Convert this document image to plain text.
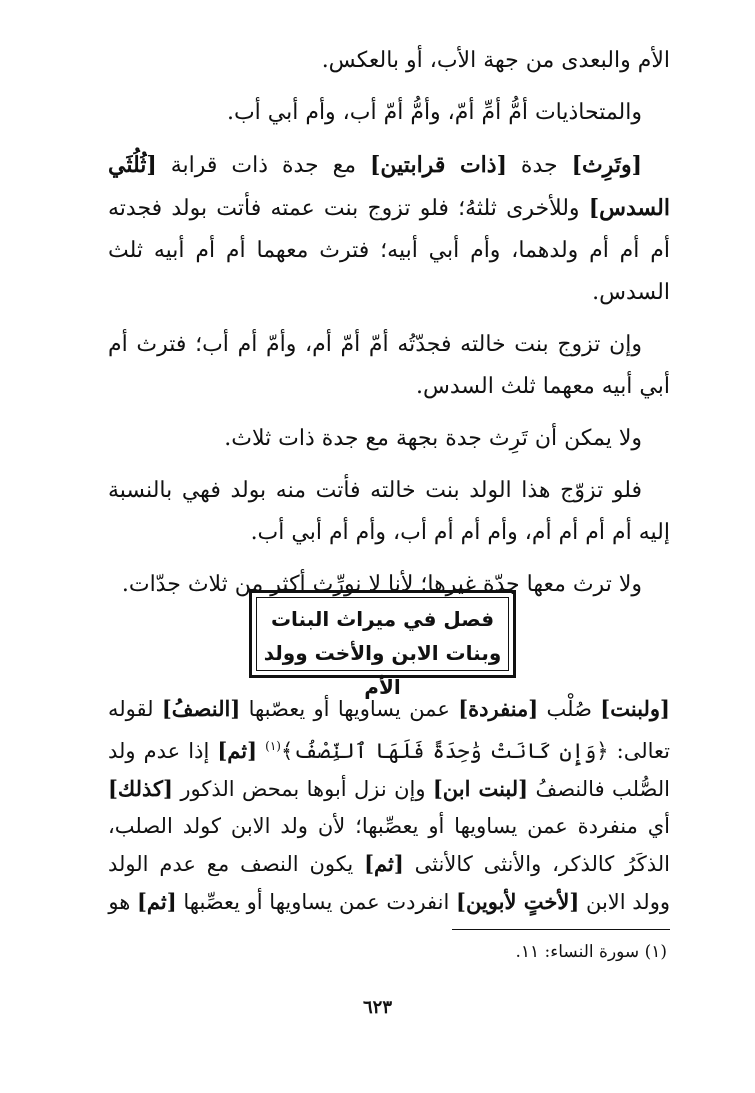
الأم والبعدى من جهة الأب، أو بالعكس.

والمتحاذيات أمُّ أمِّ أمّ، وأمُّ أمّ أب، وأم أبي أب.

[وتَرِث] جدة [ذات قرابتين] مع جدة ذات قرابة [ثُلُثَي السدس] وللأخرى ثلثهُ؛ فلو تزوج بنت عمته فأتت بولد فجدته أم أم أم ولدهما، وأم أبي أبيه؛ فترث معهما أم أم أبيه ثلث السدس.

وإن تزوج بنت خالته فجدّتُه أمّ أمّ أم، وأمّ أم أب؛ فترث أم أبي أبيه معهما ثلث السدس.

ولا يمكن أن تَرِث جدة بجهة مع جدة ذات ثلاث.

فلو تزوّج هذا الولد بنت خالته فأتت منه بولد فهي بالنسبة إليه أم أم أم أم، وأم أم أم أب، وأم أم أبي أب.

ولا ترث معها جدّة غيرها؛ لأنا لا نورِّث أكثر من ثلاث جدّات.

فصل في ميراث البنات
وبنات الابن والأخت وولد الأم

[ولبنت] صُلْب [منفردة] عمن يساويها أو يعصّبها [النصفُ] لقوله تعالى: ﴿وَإِن كَانَتْ وَٰحِدَةً فَلَهَا ٱلنِّصْفُ﴾$^{(١)}$ [ثم] إذا عدم ولد الصُّلب فالنصفُ [لبنت ابن] وإن نزل أبوها بمحض الذكور [كذلك] أي منفردة عمن يساويها أو يعصِّبها؛ لأن ولد الابن كولد الصلب، الذكَرُ كالذكر، والأنثى كالأنثى [ثم] يكون النصف مع عدم الولد وولد الابن [لأختٍ لأبوين] انفردت عمن يساويها أو يعصِّبها [ثم] هو

(١) سورة النساء: ١١.
٦٢٣
